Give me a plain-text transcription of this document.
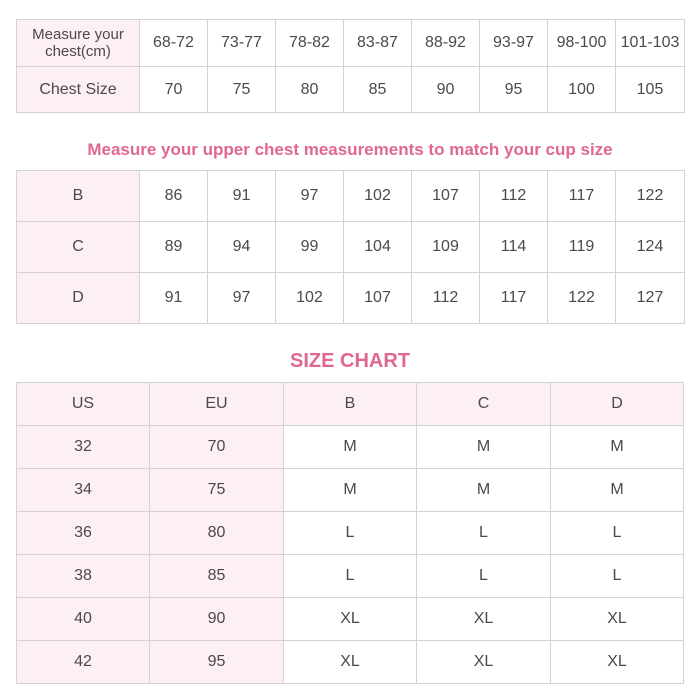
Measure your chest(cm)	68-72	73-77	78-82	83-87	88-92	93-97	98-100	101-103
Chest Size	70	75	80	85	90	95	100	105
Measure your upper chest measurements to match your cup size
B	86	91	97	102	107	112	117	122
C	89	94	99	104	109	114	119	124
D	91	97	102	107	112	117	122	127
SIZE CHART
US	EU	B	C	D
32	70	M	M	M
34	75	M	M	M
36	80	L	L	L
38	85	L	L	L
40	90	XL	XL	XL
42	95	XL	XL	XL
